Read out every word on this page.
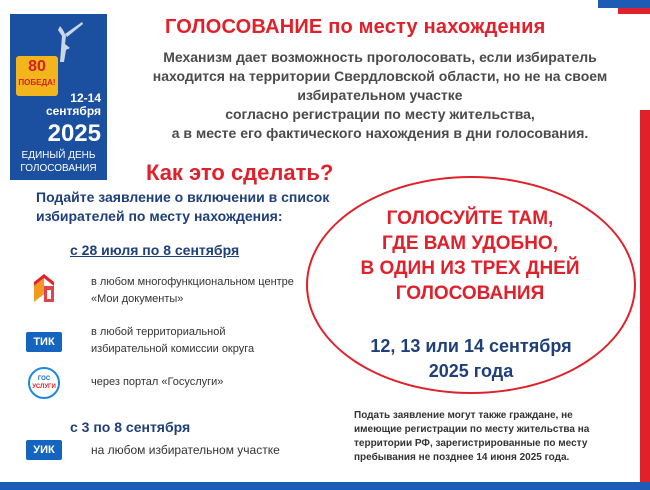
80
ПОБЕДА!
12-14
сентября
2025
ЕДИНЫЙ ДЕНЬ
ГОЛОСОВАНИЯ
ГОЛОСОВАНИЕ по месту нахождения
Механизм дает возможность проголосовать, если избиратель
находится на территории Свердловской области, но не на своем
избирательном участке
согласно регистрации по месту жительства,
а в месте его фактического нахождения в дни голосования.
Как это сделать?
Подайте заявление о включении в список
избирателей по месту нахождения:
с 28 июля по 8 сентября
в любом многофункциональном центре
«Мои документы»
ТИК
в любой территориальной
избирательной комиссии округа
ГОС
УСЛУГИ	через портал «Госуслуги»
с 3 по 8 сентября
УИК	на любом избирательном участке
ГОЛОСУЙТЕ ТАМ,
ГДЕ ВАМ УДОБНО,
В ОДИН ИЗ ТРЕХ ДНЕЙ
ГОЛОСОВАНИЯ
12, 13 или 14 сентября
2025 года
Подать заявление могут также граждане, не
имеющие регистрации по месту жительства на
территории РФ, зарегистрированные по месту
пребывания не позднее 14 июня 2025 года.
